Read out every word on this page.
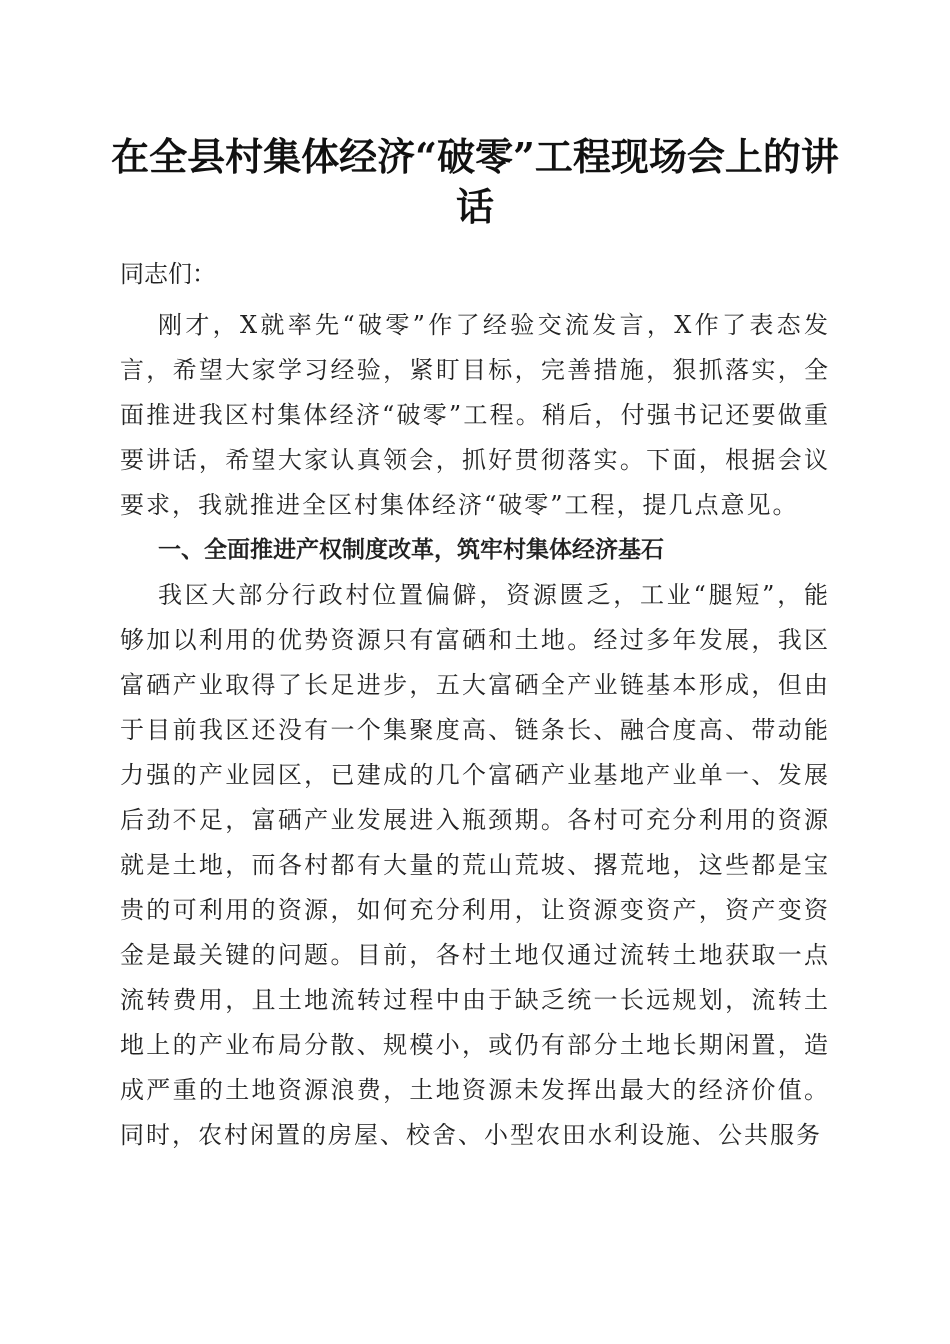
在全县村集体经济“破零”工程现场会上的讲话

同志们：

刚才，X就率先“破零”作了经验交流发言，X作了表态发言，希望大家学习经验，紧盯目标，完善措施，狠抓落实，全面推进我区村集体经济“破零”工程。稍后，付强书记还要做重要讲话，希望大家认真领会，抓好贯彻落实。下面，根据会议要求，我就推进全区村集体经济“破零”工程，提几点意见。

一、全面推进产权制度改革，筑牢村集体经济基石

我区大部分行政村位置偏僻，资源匮乏，工业“腿短”，能够加以利用的优势资源只有富硒和土地。经过多年发展，我区富硒产业取得了长足进步，五大富硒全产业链基本形成，但由于目前我区还没有一个集聚度高、链条长、融合度高、带动能力强的产业园区，已建成的几个富硒产业基地产业单一、发展后劲不足，富硒产业发展进入瓶颈期。各村可充分利用的资源就是土地，而各村都有大量的荒山荒坡、撂荒地，这些都是宝贵的可利用的资源，如何充分利用，让资源变资产，资产变资金是最关键的问题。目前，各村土地仅通过流转土地获取一点流转费用，且土地流转过程中由于缺乏统一长远规划，流转土地上的产业布局分散、规模小，或仍有部分土地长期闲置，造成严重的土地资源浪费，土地资源未发挥出最大的经济价值。同时，农村闲置的房屋、校舍、小型农田水利设施、公共服务
